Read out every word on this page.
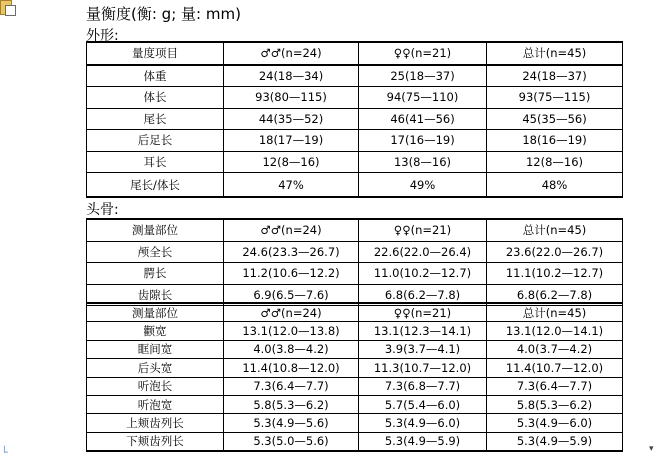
量衡度(衡: g; 量: mm)
外形:
量度项目	♂♂(n=24)	♀♀(n=21)	总计(n=45)
体重	24(18—34)	25(18—37)	24(18—37)
体长	93(80—115)	94(75—110)	93(75—115)
尾长	44(35—52)	46(41—56)	45(35—56)
后足长	18(17—19)	17(16—19)	18(16—19)
耳长	12(8—16)	13(8—16)	12(8—16)
尾长/体长	47%	49%	48%
头骨:
测量部位	♂♂(n=24)	♀♀(n=21)	总计(n=45)
颅全长	24.6(23.3—26.7)	22.6(22.0—26.4)	23.6(22.0—26.7)
腭长	11.2(10.6—12.2)	11.0(10.2—12.7)	11.1(10.2—12.7)
齿隙长	6.9(6.5—7.6)	6.8(6.2—7.8)	6.8(6.2—7.8)
测量部位	♂♂(n=24)	♀♀(n=21)	总计(n=45)
颧宽	13.1(12.0—13.8)	13.1(12.3—14.1)	13.1(12.0—14.1)
眶间宽	4.0(3.8—4.2)	3.9(3.7—4.1)	4.0(3.7—4.2)
后头宽	11.4(10.8—12.0)	11.3(10.7—12.0)	11.4(10.7—12.0)
听泡长	7.3(6.4—7.7)	7.3(6.8—7.7)	7.3(6.4—7.7)
听泡宽	5.8(5.3—6.2)	5.7(5.4—6.0)	5.8(5.3—6.2)
上颊齿列长	5.3(4.9—5.6)	5.3(4.9—6.0)	5.3(4.9—6.0)
下颊齿列长	5.3(5.0—5.6)	5.3(4.9—5.9)	5.3(4.9—5.9)
└	▾
